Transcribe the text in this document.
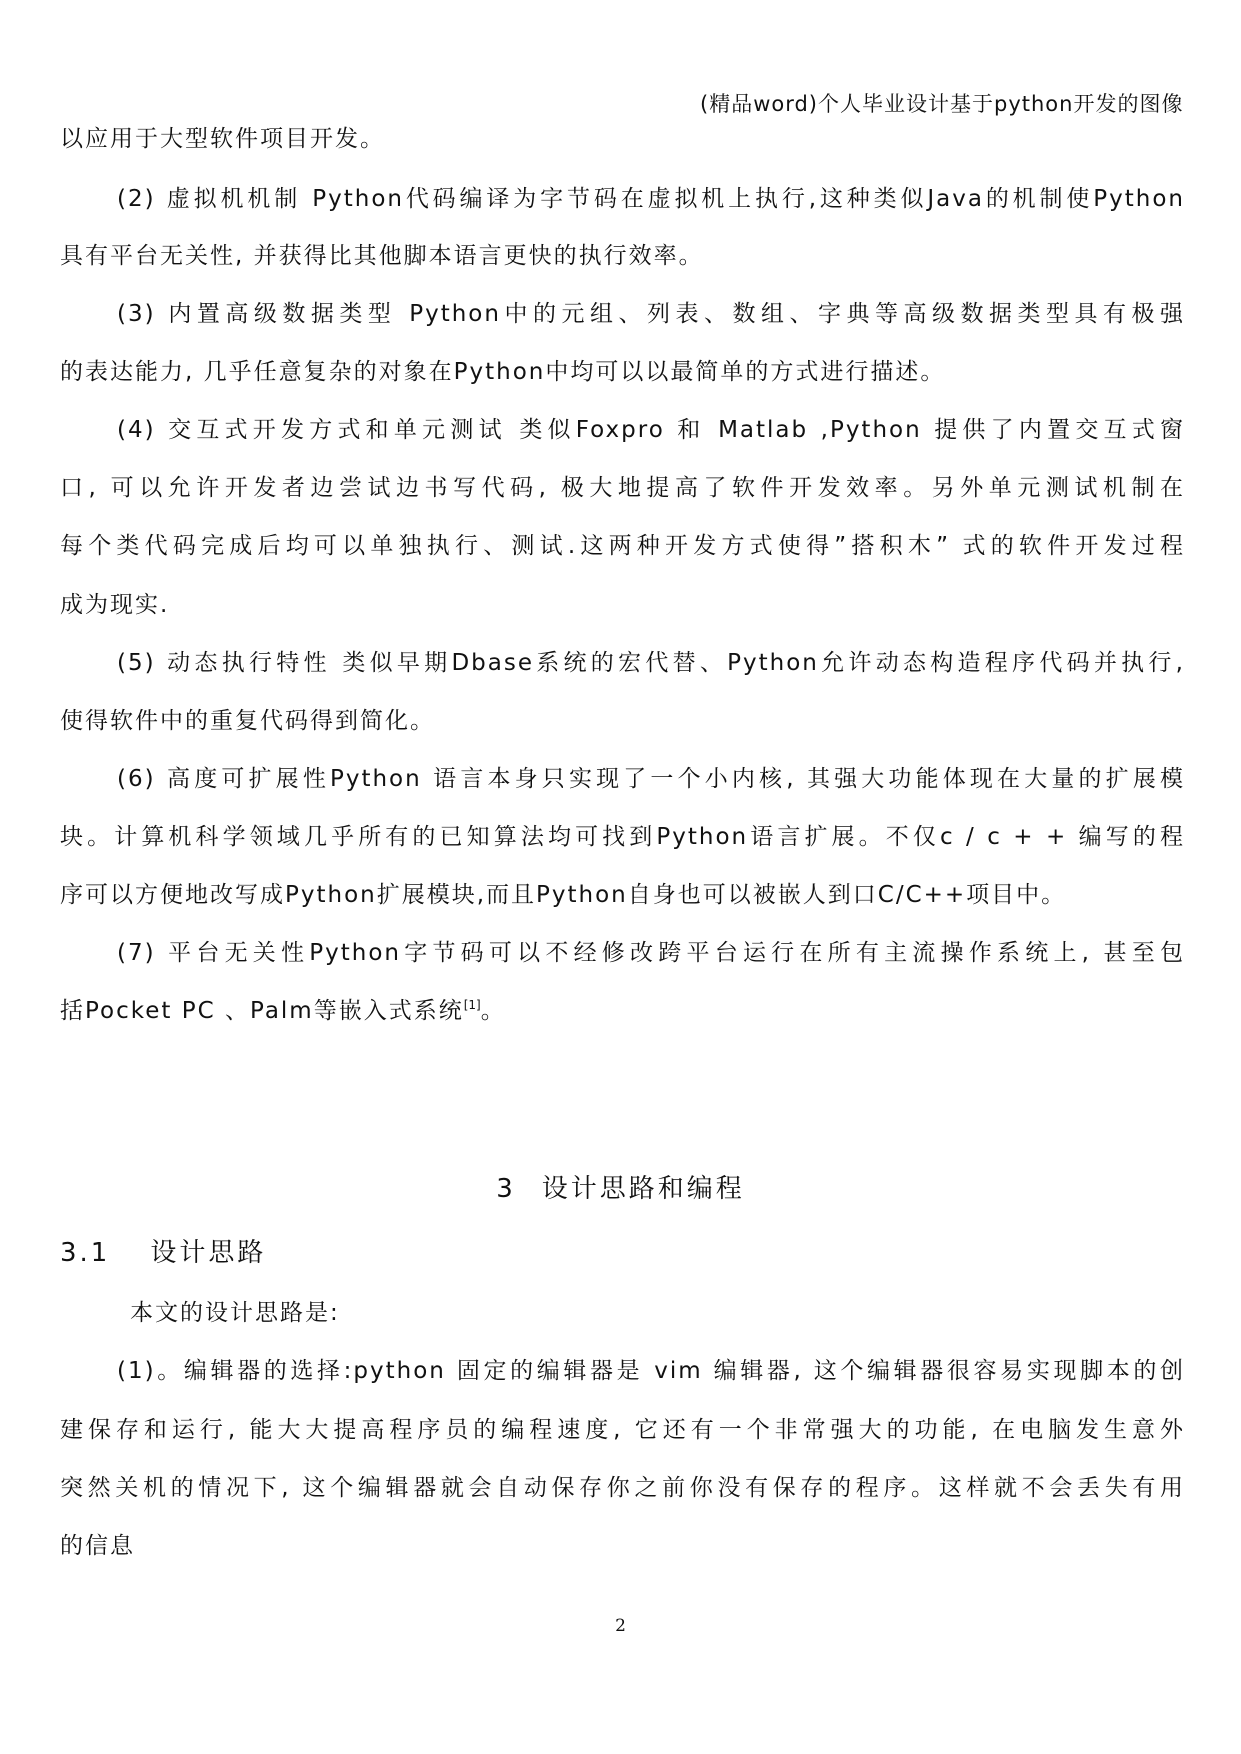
(精品word)个人毕业设计基于python开发的图像
以应用于大型软件项目开发。
(2) 虚拟机机制 Python代码编译为字节码在虚拟机上执行,这种类似Java的机制使Python
具有平台无关性, 并获得比其他脚本语言更快的执行效率。
(3) 内置高级数据类型 Python中的元组、列表、数组、字典等高级数据类型具有极强
的表达能力, 几乎任意复杂的对象在Python中均可以以最简单的方式进行描述。
(4) 交互式开发方式和单元测试 类似Foxpro 和 Matlab ,Python 提供了内置交互式窗
口, 可以允许开发者边尝试边书写代码, 极大地提高了软件开发效率。另外单元测试机制在
每个类代码完成后均可以单独执行、测试.这两种开发方式使得”搭积木” 式的软件开发过程
成为现实.
(5) 动态执行特性 类似早期Dbase系统的宏代替、Python允许动态构造程序代码并执行,
使得软件中的重复代码得到简化。
(6) 高度可扩展性Python 语言本身只实现了一个小内核, 其强大功能体现在大量的扩展模
块。计算机科学领域几乎所有的已知算法均可找到Python语言扩展。不仅c / c + + 编写的程
序可以方便地改写成Python扩展模块,而且Python自身也可以被嵌人到口C/C++项目中。
(7) 平台无关性Python字节码可以不经修改跨平台运行在所有主流操作系统上, 甚至包
括Pocket PC 、Palm等嵌入式系统[1]。
3 设计思路和编程
3.1 设计思路
本文的设计思路是:
(1)。编辑器的选择:python 固定的编辑器是 vim 编辑器, 这个编辑器很容易实现脚本的创
建保存和运行, 能大大提高程序员的编程速度, 它还有一个非常强大的功能, 在电脑发生意外
突然关机的情况下, 这个编辑器就会自动保存你之前你没有保存的程序。这样就不会丢失有用
的信息
2
